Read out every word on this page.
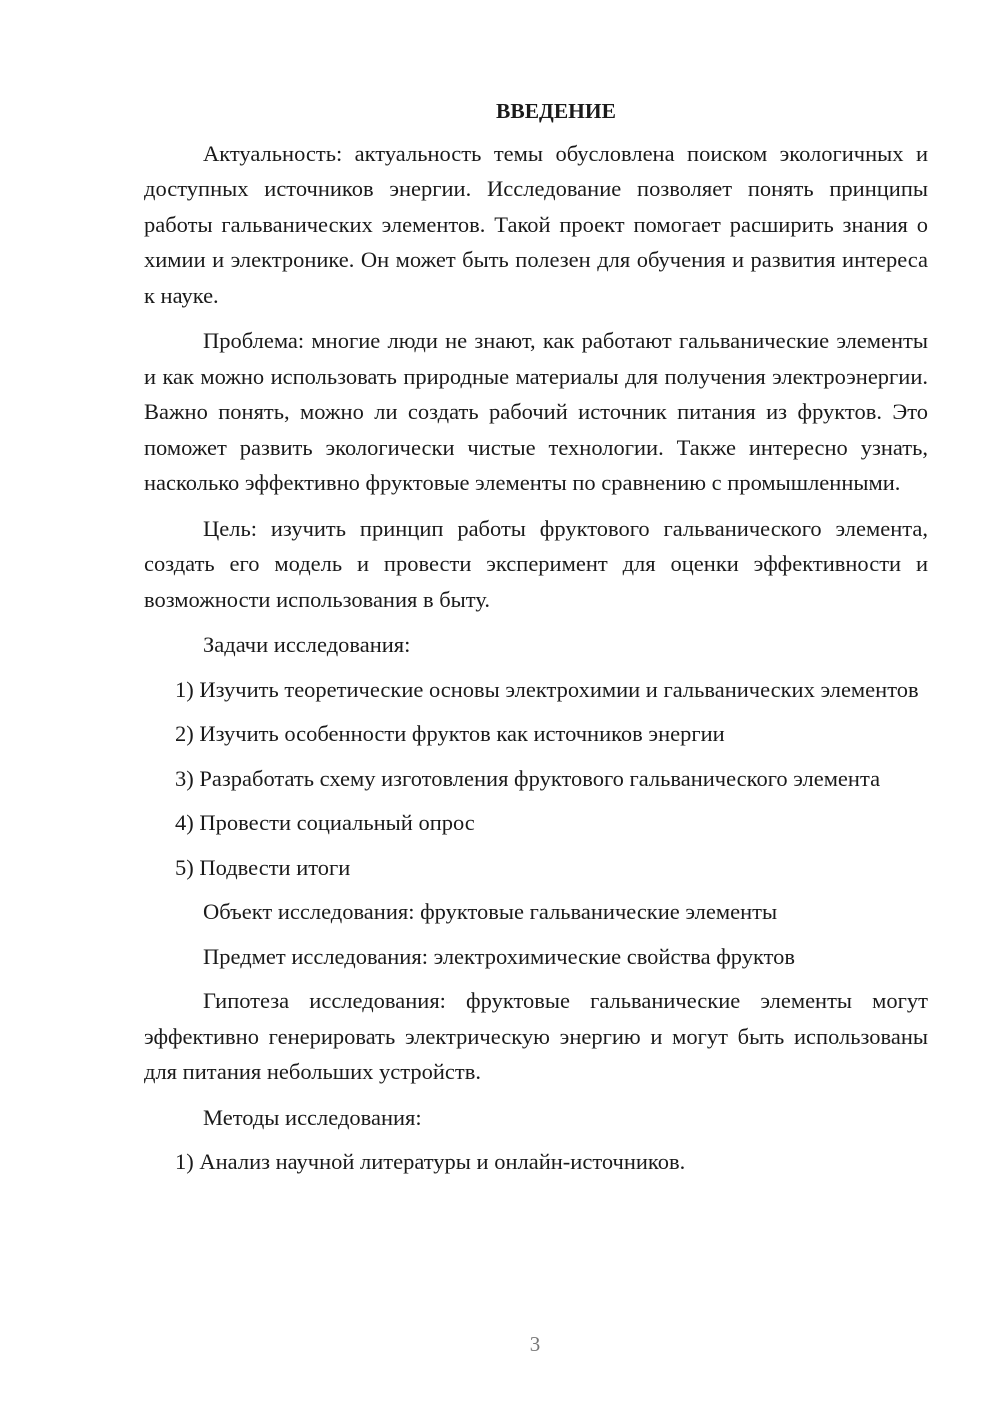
ВВЕДЕНИЕ

Актуальность: актуальность темы обусловлена поиском экологичных и доступных источников энергии. Исследование позволяет понять принципы работы гальванических элементов. Такой проект помогает расширить знания о химии и электронике. Он может быть полезен для обучения и развития интереса к науке.

Проблема: многие люди не знают, как работают гальванические элементы и как можно использовать природные материалы для получения электроэнергии. Важно понять, можно ли создать рабочий источник питания из фруктов. Это поможет развить экологически чистые технологии. Также интересно узнать, насколько эффективно фруктовые элементы по сравнению с промышленными.

Цель: изучить принцип работы фруктового гальванического элемента, создать его модель и провести эксперимент для оценки эффективности и возможности использования в быту.

Задачи исследования:

1) Изучить теоретические основы электрохимии и гальванических элементов

2) Изучить особенности фруктов как источников энергии

3) Разработать схему изготовления фруктового гальванического элемента

4) Провести социальный опрос

5) Подвести итоги

Объект исследования: фруктовые гальванические элементы

Предмет исследования: электрохимические свойства фруктов

Гипотеза исследования: фруктовые гальванические элементы могут эффективно генерировать электрическую энергию и могут быть использованы для питания небольших устройств.

Методы исследования:

1) Анализ научной литературы и онлайн-источников.

3
